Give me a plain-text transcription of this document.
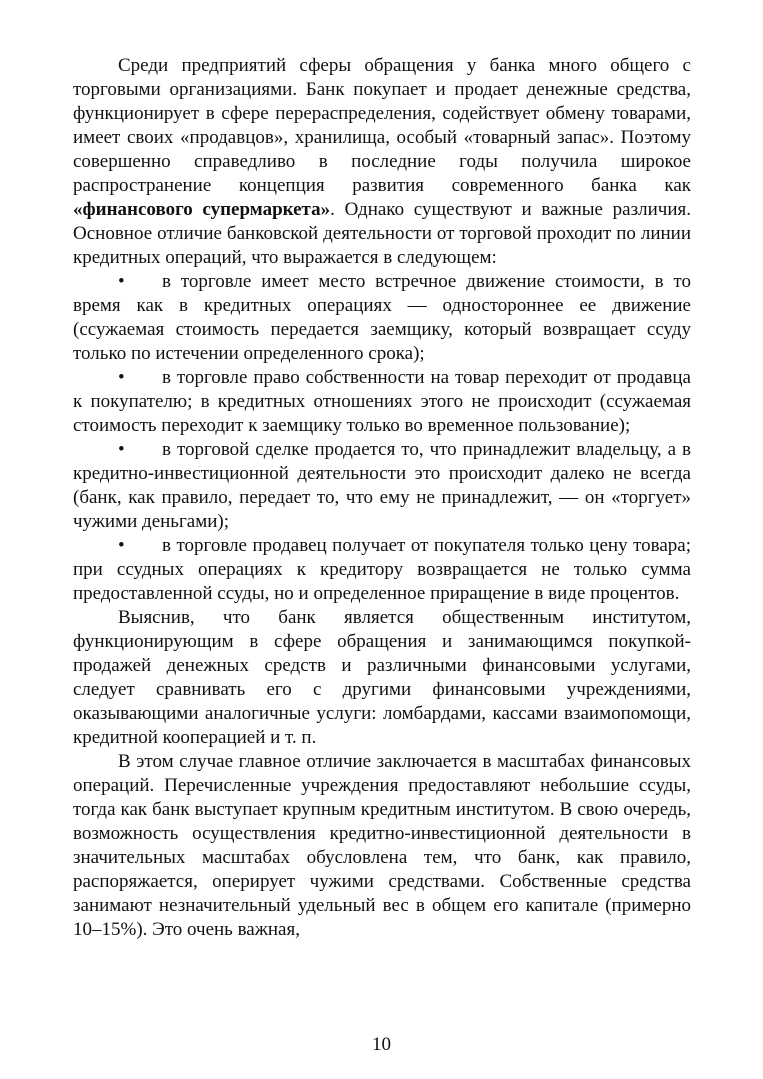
Среди предприятий сферы обращения у банка много общего с торговыми организациями. Банк покупает и продает денежные средства, функционирует в сфере перераспределения, содействует обмену товарами, имеет своих «продавцов», хранилища, особый «товарный запас». Поэтому совершенно справедливо в последние годы получила широкое распространение концепция развития современного банка как «финансового супермаркета». Однако существуют и важные различия. Основное отличие банковской деятельности от торговой проходит по линии кредитных операций, что выражается в следующем:

• в торговле имеет место встречное движение стоимости, в то время как в кредитных операциях — одностороннее ее движение (ссужаемая стоимость передается заемщику, который возвращает ссуду только по истечении определенного срока);

• в торговле право собственности на товар переходит от продавца к покупателю; в кредитных отношениях этого не происходит (ссужаемая стоимость переходит к заемщику только во временное пользование);

• в торговой сделке продается то, что принадлежит владельцу, а в кредитно-инвестиционной деятельности это происходит далеко не всегда (банк, как правило, передает то, что ему не принадлежит, — он «торгует» чужими деньгами);

• в торговле продавец получает от покупателя только цену товара; при ссудных операциях к кредитору возвращается не только сумма предоставленной ссуды, но и определенное приращение в виде процентов.

Выяснив, что банк является общественным институтом, функционирующим в сфере обращения и занимающимся покупкой-продажей денежных средств и различными финансовыми услугами, следует сравнивать его с другими финансовыми учреждениями, оказывающими аналогичные услуги: ломбардами, кассами взаимопомощи, кредитной кооперацией и т. п.

В этом случае главное отличие заключается в масштабах финансовых операций. Перечисленные учреждения предоставляют небольшие ссуды, тогда как банк выступает крупным кредитным институтом. В свою очередь, возможность осуществления кредитно-инвестиционной деятельности в значительных масштабах обусловлена тем, что банк, как правило, распоряжается, оперирует чужими средствами. Собственные средства занимают незначительный удельный вес в общем его капитале (примерно 10–15%). Это очень важная,

10
